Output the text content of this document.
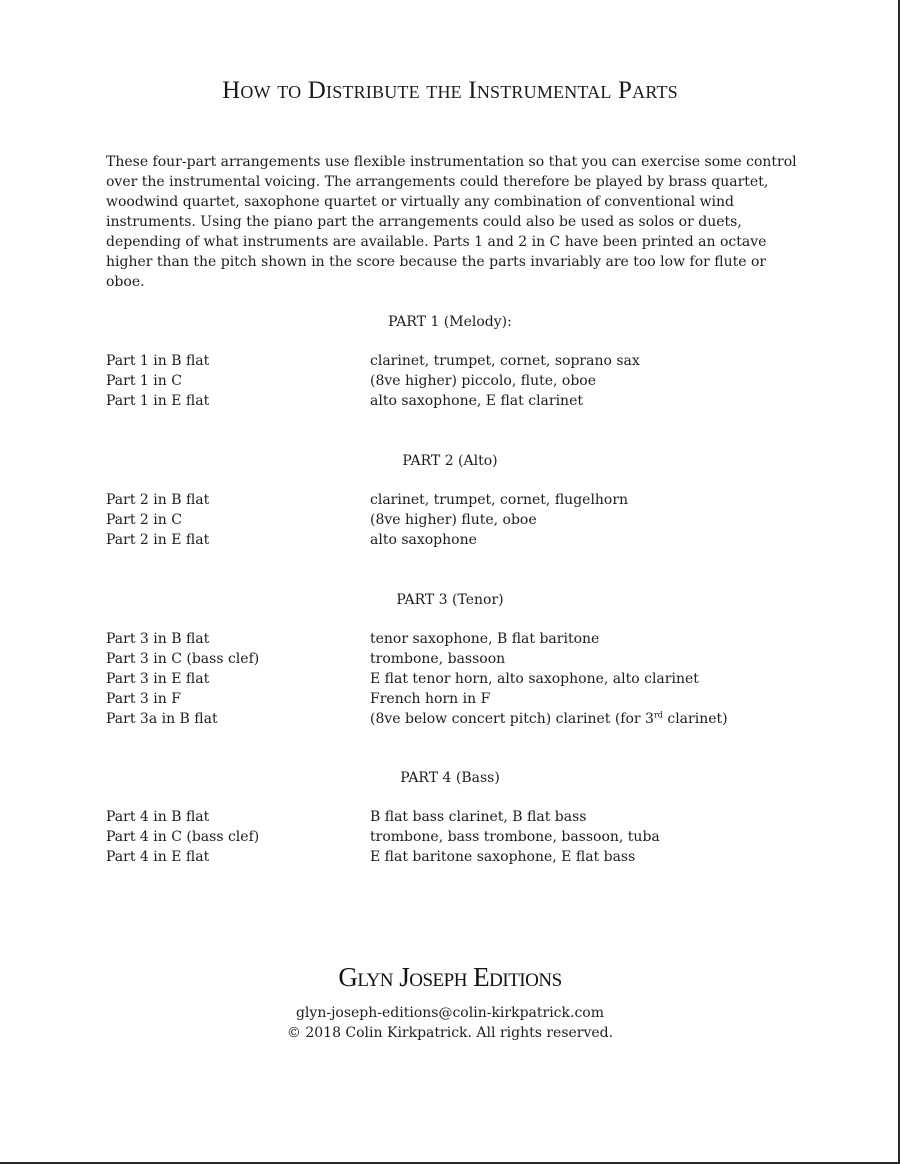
How to Distribute the Instrumental Parts

These four-part arrangements use flexible instrumentation so that you can exercise some control over the instrumental voicing. The arrangements could therefore be played by brass quartet, woodwind quartet, saxophone quartet or virtually any combination of conventional wind instruments. Using the piano part the arrangements could also be used as solos or duets, depending of what instruments are available. Parts 1 and 2 in C have been printed an octave higher than the pitch shown in the score because the parts invariably are too low for flute or oboe.

PART 1 (Melody):

Part 1 in B flat	clarinet, trumpet, cornet, soprano sax
Part 1 in C	(8ve higher) piccolo, flute, oboe
Part 1 in E flat	alto saxophone, E flat clarinet

PART 2 (Alto)

Part 2 in B flat	clarinet, trumpet, cornet, flugelhorn
Part 2 in C	(8ve higher) flute, oboe
Part 2 in E flat	alto saxophone

PART 3 (Tenor)

Part 3 in B flat	tenor saxophone, B flat baritone
Part 3 in C (bass clef)	trombone, bassoon
Part 3 in E flat	E flat tenor horn, alto saxophone, alto clarinet
Part 3 in F	French horn in F
Part 3a in B flat	(8ve below concert pitch) clarinet (for 3rd clarinet)

PART 4 (Bass)

Part 4 in B flat	B flat bass clarinet, B flat bass
Part 4 in C (bass clef)	trombone, bass trombone, bassoon, tuba
Part 4 in E flat	E flat baritone saxophone, E flat bass
Glyn Joseph Editions

glyn-joseph-editions@colin-kirkpatrick.com

© 2018 Colin Kirkpatrick. All rights reserved.
